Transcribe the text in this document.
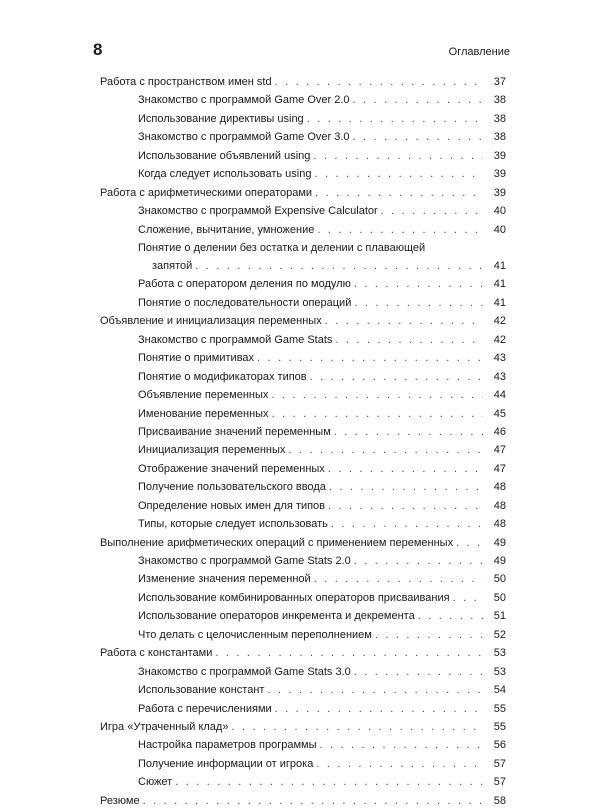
8	Оглавление
Работа с пространством имен std . . .	37
Знакомство с программой Game Over 2.0 . . .	38
Использование директивы using . . .	38
Знакомство с программой Game Over 3.0 . . .	38
Использование объявлений using . . .	39
Когда следует использовать using . . .	39
Работа с арифметическими операторами . . .	39
Знакомство с программой Expensive Calculator . . .	40
Сложение, вычитание, умножение . . .	40
Понятие о делении без остатка и делении с плавающей
запятой . . .	41
Работа с оператором деления по модулю . . .	41
Понятие о последовательности операций . . .	41
Объявление и инициализация переменных . . .	42
Знакомство с программой Game Stats . . .	42
Понятие о примитивах . . .	43
Понятие о модификаторах типов . . .	43
Объявление переменных . . .	44
Именование переменных . . .	45
Присваивание значений переменным . . .	46
Инициализация переменных . . .	47
Отображение значений переменных . . .	47
Получение пользовательского ввода . . .	48
Определение новых имен для типов . . .	48
Типы, которые следует использовать . . .	48
Выполнение арифметических операций с применением переменных . . .	49
Знакомство с программой Game Stats 2.0 . . .	49
Изменение значения переменной . . .	50
Использование комбинированных операторов присваивания . . .	50
Использование операторов инкремента и декремента . . .	51
Что делать с целочисленным переполнением . . .	52
Работа с константами . . .	53
Знакомство с программой Game Stats 3.0 . . .	53
Использование констант . . .	54
Работа с перечислениями . . .	55
Игра «Утраченный клад» . . .	55
Настройка параметров программы . . .	56
Получение информации от игрока . . .	57
Сюжет . . .	57
Резюме . . .	58
